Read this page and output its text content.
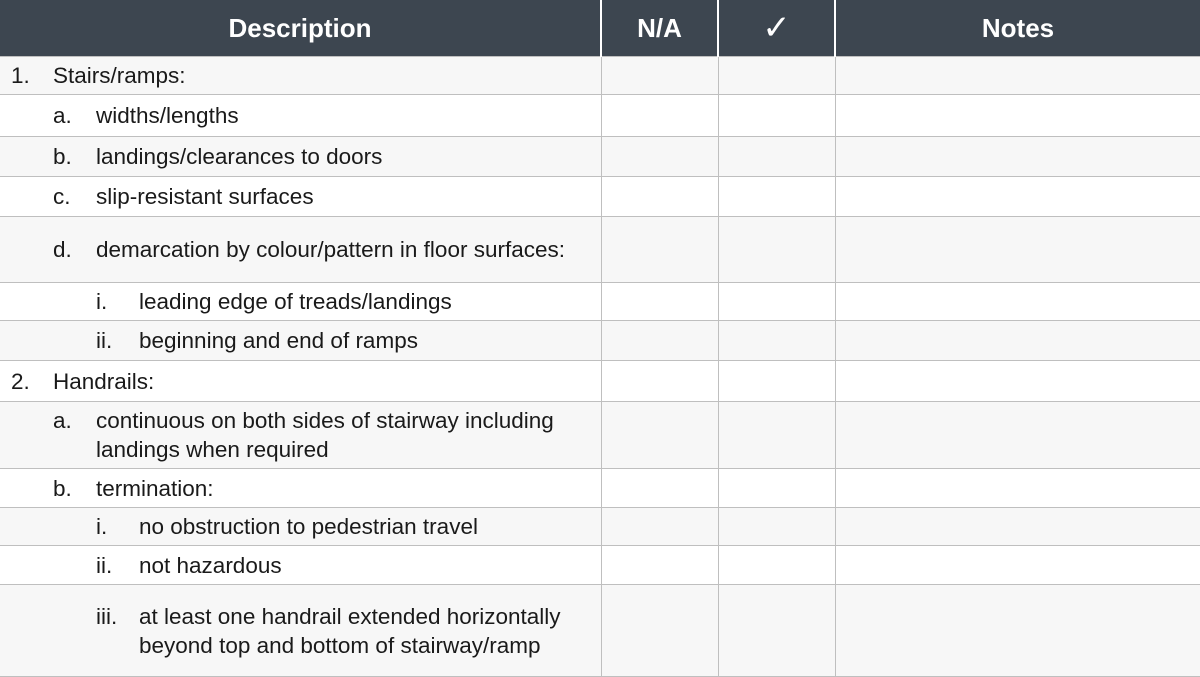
Description	N/A	✓	Notes

1. Stairs/ramps:			

a. widths/lengths			

b. landings/clearances to doors			

c. slip-resistant surfaces			

d. demarcation by colour/pattern in floor surfaces:			

i. leading edge of treads/landings			

ii. beginning and end of ramps			

2. Handrails:			

a. continuous on both sides of stairway including landings when required			

b. termination:			

i. no obstruction to pedestrian travel			

ii. not hazardous			

iii. at least one handrail extended horizontally beyond top and bottom of stairway/ramp			
